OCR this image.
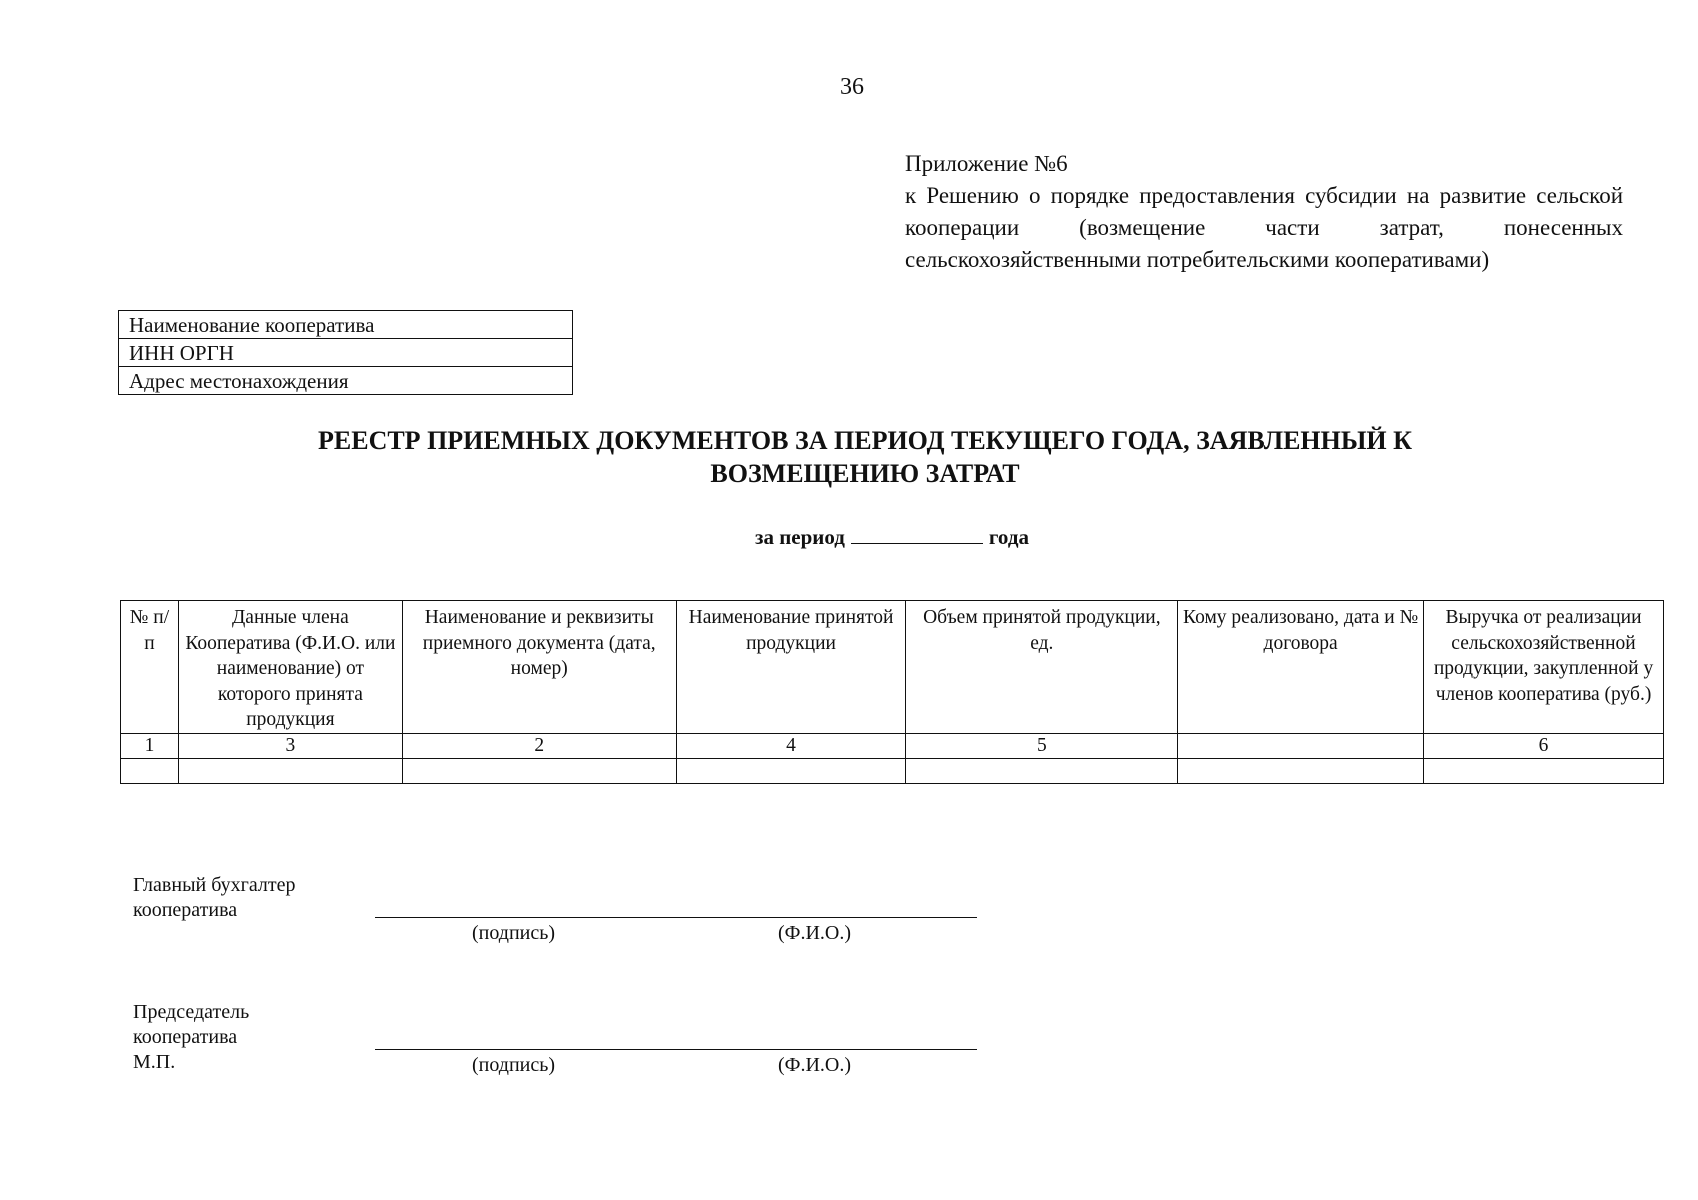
36
Приложение №6
к Решению о порядке предоставления субсидии на развитие сельской кооперации (возмещение части затрат, понесенных сельскохозяйственными потребительскими кооперативами)
Наименование кооператива
ИНН ОРГН
Адрес местонахождения
РЕЕСТР ПРИЕМНЫХ ДОКУМЕНТОВ ЗА ПЕРИОД ТЕКУЩЕГО ГОДА, ЗАЯВЛЕННЫЙ К
ВОЗМЕЩЕНИЮ ЗАТРАТ
за период	года
№ п/п	Данные члена Кооператива (Ф.И.О. или наименование) от которого принята продукция	Наименование и реквизиты приемного документа (дата, номер)	Наименование принятой продукции	Объем принятой продукции, ед.	Кому реализовано, дата и № договора	Выручка от реализации сельскохозяйственной продукции, закупленной у членов кооператива (руб.)
1	3	2	4	5		6

Главный бухгалтер
кооператива
(подпись)	(Ф.И.О.)
Председатель
кооператива
М.П.	(подпись)	(Ф.И.О.)
